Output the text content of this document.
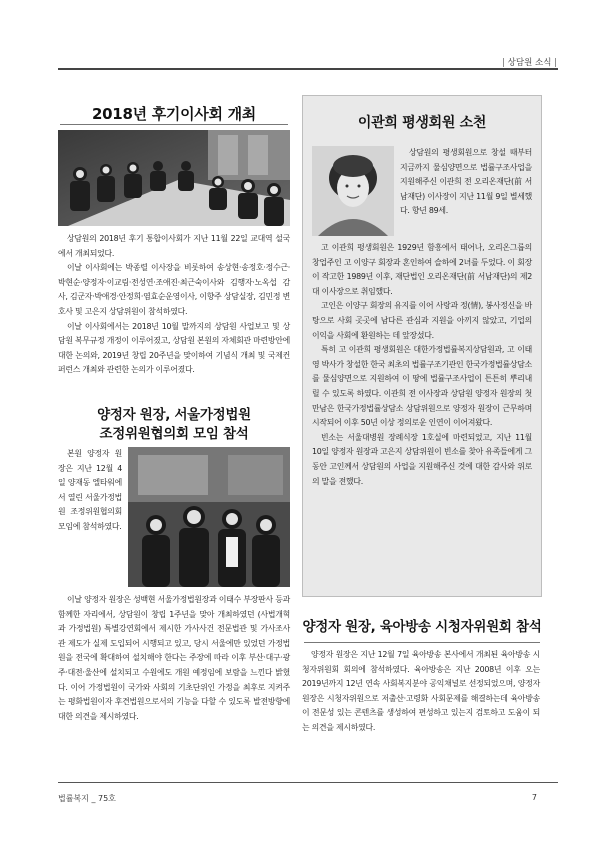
| 상담원 소식 |
2018년 후기이사회 개최

상담원의 2018년 후기 통합이사회가 지난 11월 22일 교대역 설국에서 개최되었다.

이날 이사회에는 박종렬 이사장을 비롯하여 송상현·송정호·정수근·박현순·양정자·이교림·전성연·조애진·최근숙이사와 김행자·노옥섭 감사, 김군자·박애경·안정희·염효순운영이사, 이향주 상담실장, 김민정 변호사 및 고은지 상담위원이 참석하였다.

이날 이사회에서는 2018년 10월 말까지의 상담원 사업보고 및 상담원 복무규정 개정이 이루어졌고, 상담원 본원의 자체회관 마련방안에 대한 논의와, 2019년 창립 20주년을 맞이하여 기념식 개최 및 국제컨퍼런스 개최와 관련한 논의가 이루어졌다.

양정자 원장, 서울가정법원
조정위원협의회 모임 참석

본원 양정자 원장은 지난 12월 4일 양재동 엘타워에서 열린 서울가정법원 조정위원협의회 모임에 참석하였다.

이날 양정자 원장은 성백현 서울가정법원장과 이태수 부장판사 등과 함께한 자리에서, 상담원이 창립 1주년을 맞아 개최하였던 (사법개혁과 가정법원) 특별강연회에서 제시한 가사사건 전문법관 및 가사조사관 제도가 실제 도입되어 시행되고 있고, 당시 서울에만 있었던 가정법원을 전국에 확대하여 설치해야 한다는 주장에 따라 이후 부산·대구·광주·대전·울산에 설치되고 수원에도 개원 예정임에 보람을 느낀다 밝혔다. 이어 가정법원이 국가와 사회의 기초단위인 가정을 최후로 지켜주는 평화법원이자 후견법원으로서의 기능을 다할 수 있도록 발전방향에 대한 의견을 제시하였다.

이관희 평생회원 소천

상담원의 평생회원으로 창설 때부터 지금까지 물심양면으로 법률구조사업을 지원해주신 이관희 전 오리온재단(前 서남재단) 이사장이 지난 11월 9일 별세했다. 향년 89세.

고 이관희 평생회원은 1929년 함흥에서 태어나, 오리온그룹의 창업주인 고 이양구 회장과 혼인하여 슬하에 2녀를 두었다. 이 회장이 작고한 1989년 이후, 재단법인 오리온재단(前 서남재단)의 제2대 이사장으로 취임했다.

고인은 이양구 회장의 유지를 이어 사랑과 정(情), 봉사정신을 바탕으로 사회 곳곳에 남다른 관심과 지원을 아끼지 않았고, 기업의 이익을 사회에 환원하는 데 앞장섰다.

특히 고 이관희 평생회원은 대한가정법률복지상담원과, 고 이태영 박사가 창설한 한국 최초의 법률구조기관인 한국가정법률상담소를 물심양면으로 지원하여 이 땅에 법률구조사업이 튼튼히 뿌리내릴 수 있도록 하였다. 이관희 전 이사장과 상담원 양정자 원장의 첫만남은 한국가정법률상담소 상담위원으로 양정자 원장이 근무하며 시작되어 이후 50년 이상 정의로운 인연이 이어져왔다.

빈소는 서울대병원 장례식장 1호실에 마련되었고, 지난 11월 10일 양정자 원장과 고은지 상담위원이 빈소를 찾아 유족들에게 그동안 고인께서 상담원의 사업을 지원해주신 것에 대한 감사와 위로의 말을 전했다.

양정자 원장, 육아방송 시청자위원회 참석

양정자 원장은 지난 12월 7일 육아방송 본사에서 개최된 육아방송 시청자위원회 회의에 참석하였다. 육아방송은 지난 2008년 이후 오는 2019년까지 12년 연속 사회복지분야 공익채널로 선정되었으며, 양정자 원장은 시청자위원으로 저출산·고령화 사회문제를 해결하는데 육아방송이 전문성 있는 콘텐츠를 생성하여 편성하고 있는지 검토하고 도움이 되는 의견을 제시하였다.

법률복지 _ 75호	7
